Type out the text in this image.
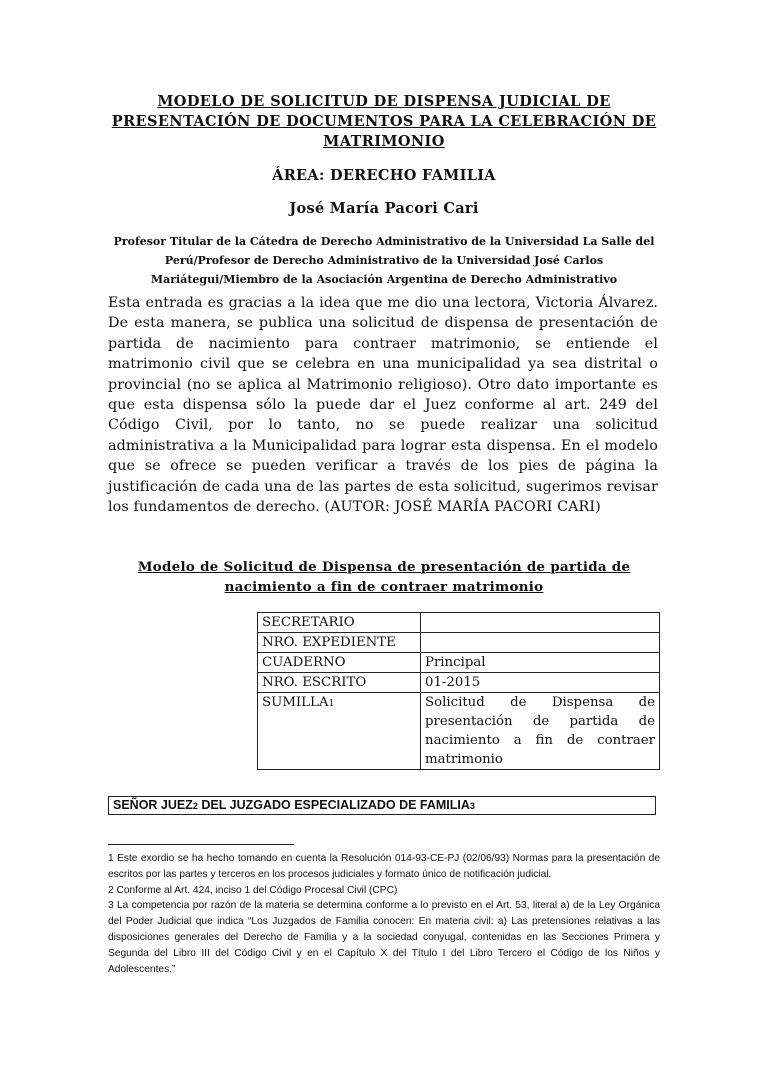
MODELO DE SOLICITUD DE DISPENSA JUDICIAL DE
PRESENTACIÓN DE DOCUMENTOS PARA LA CELEBRACIÓN DE
MATRIMONIO
ÁREA: DERECHO FAMILIA
José María Pacori Cari
Profesor Titular de la Cátedra de Derecho Administrativo de la Universidad La Salle del
Perú/Profesor de Derecho Administrativo de la Universidad José Carlos
Mariátegui/Miembro de la Asociación Argentina de Derecho Administrativo
Esta entrada es gracias a la idea que me dio una lectora, Victoria Álvarez. De esta manera, se publica una solicitud de dispensa de presentación de partida de nacimiento para contraer matrimonio, se entiende el matrimonio civil que se celebra en una municipalidad ya sea distrital o provincial (no se aplica al Matrimonio religioso). Otro dato importante es que esta dispensa sólo la puede dar el Juez conforme al art. 249 del Código Civil, por lo tanto, no se puede realizar una solicitud administrativa a la Municipalidad para lograr esta dispensa. En el modelo que se ofrece se pueden verificar a través de los pies de página la justificación de cada una de las partes de esta solicitud, sugerimos revisar los fundamentos de derecho. (AUTOR: JOSÉ MARÍA PACORI CARI)
Modelo de Solicitud de Dispensa de presentación de partida de
nacimiento a fin de contraer matrimonio
SECRETARIO	
NRO. EXPEDIENTE	
CUADERNO	Principal
NRO. ESCRITO	01-2015
SUMILLA1	Solicitud de Dispensa de presentación de partida de nacimiento a fin de contraer matrimonio
SEÑOR JUEZ2 DEL JUZGADO ESPECIALIZADO DE FAMILIA3

1 Este exordio se ha hecho tomando en cuenta la Resolución 014-93-CE-PJ (02/06/93) Normas para la presentación de escritos por las partes y terceros en los procesos judiciales y formato único de notificación judicial.

2 Conforme al Art. 424, inciso 1 del Código Procesal Civil (CPC)

3 La competencia por razón de la materia se determina conforme a lo previsto en el Art. 53, literal a) de la Ley Orgánica del Poder Judicial que indica “Los Juzgados de Familia conocen: En materia civil: a) Las pretensiones relativas a las disposiciones generales del Derecho de Familia y a la sociedad conyugal, contenidas en las Secciones Primera y Segunda del Libro III del Código Civil y en el Capítulo X del Título I del Libro Tercero el Código de los Niños y Adolescentes.”
